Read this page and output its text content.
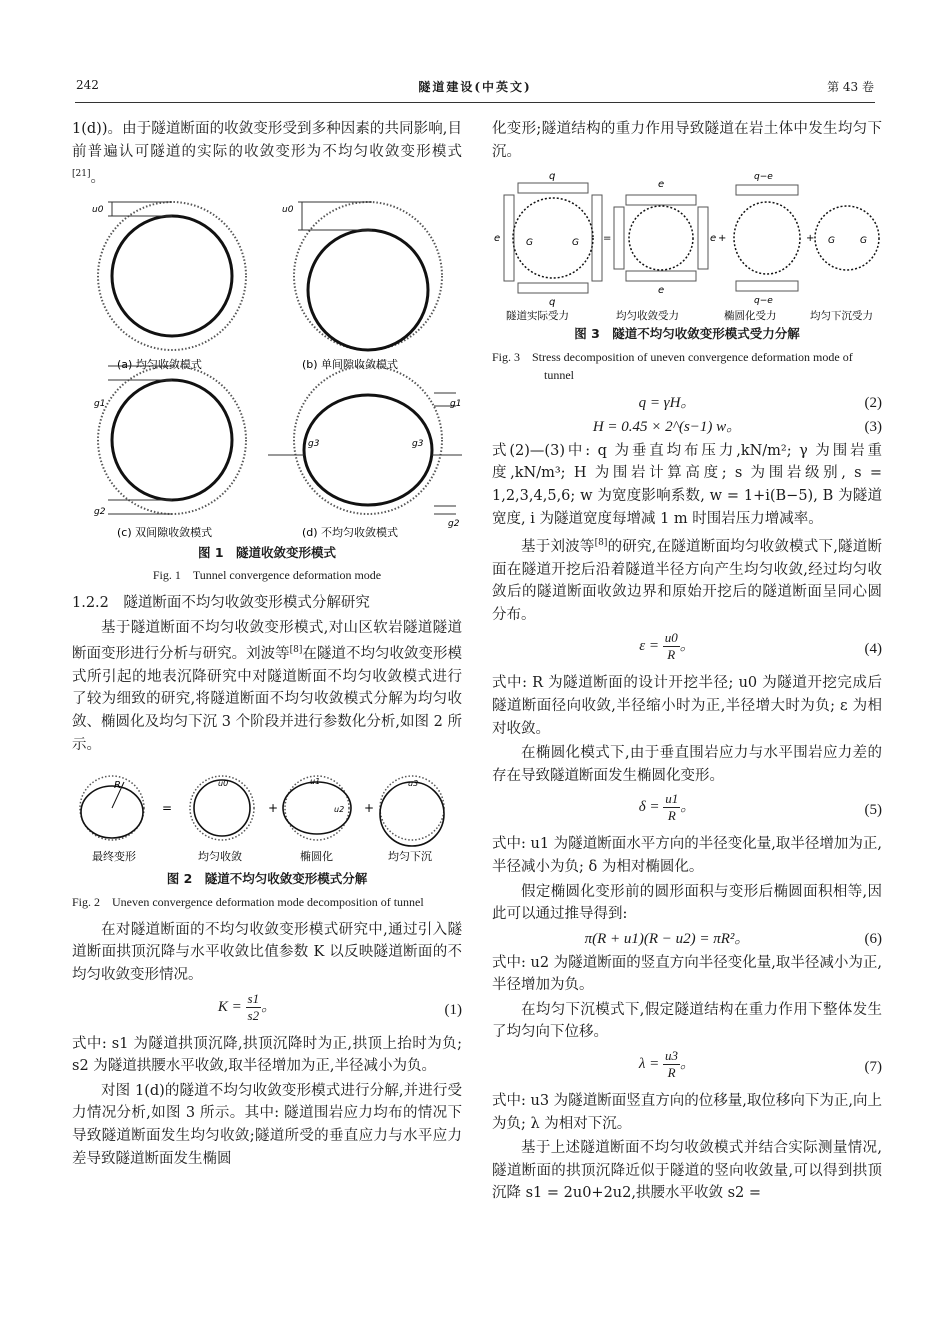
242	隧道建设(中英文)	第 43 卷

1(d))。由于隧道断面的收敛变形受到多种因素的共同影响,目前普遍认可隧道的实际的收敛变形为不均匀收敛变形模式[21]。

u0	u0
(a) 均匀收敛模式	(b) 单间隙收敛模式
g1
g2
g3	g3
g1
g2
(c) 双间隙收敛模式	(d) 不均匀收敛模式
图 1　隧道收敛变形模式
Fig. 1　Tunnel convergence deformation mode
1.2.2　隧道断面不均匀收敛变形模式分解研究

基于隧道断面不均匀收敛变形模式,对山区软岩隧道隧道断面变形进行分析与研究。刘波等[8]在隧道不均匀收敛变形模式所引起的地表沉降研究中对隧道断面不均匀收敛模式进行了较为细致的研究,将隧道断面不均匀收敛模式分解为均匀收敛、椭圆化及均匀下沉 3 个阶段并进行参数化分析,如图 2 所示。

R
=
u0
+
u1
u2 +
u3
最终变形	均匀收敛	椭圆化	均匀下沉
图 2　隧道不均匀收敛变形模式分解
Fig. 2　Uneven convergence deformation mode decomposition of tunnel

在对隧道断面的不均匀收敛变形模式研究中,通过引入隧道断面拱顶沉降与水平收敛比值参数 K 以反映隧道断面的不均匀收敛变形情况。

$K = \frac{s1}{s2}$ 。	(1)

式中: s1 为隧道拱顶沉降,拱顶沉降时为正,拱顶上抬时为负; s2 为隧道拱腰水平收敛,取半径增加为正,半径减小为负。

对图 1(d)的隧道不均匀收敛变形模式进行分解,并进行受力情况分析,如图 3 所示。其中: 隧道围岩应力均布的情况下导致隧道断面发生均匀收敛;隧道所受的垂直应力与水平应力差导致隧道断面发生椭圆

化变形;隧道结构的重力作用导致隧道在岩土体中发生均匀下沉。

q
q
e	G	G =
e
e
e +
q−e
q−e
+ G	G
隧道实际受力	均匀收敛受力	椭圆化受力	均匀下沉受力
图 3　隧道不均匀收敛变形模式受力分解
Fig. 3　Stress decomposition of uneven convergence deformation mode of tunnel
q = γH。	(2)
H = 0.45 × 2^(s−1) w。	(3)

式(2)—(3)中: q 为垂直均布压力,kN/m²; γ 为围岩重度,kN/m³; H 为围岩计算高度; s 为围岩级别, s = 1,2,3,4,5,6; w 为宽度影响系数, w = 1+i(B−5), B 为隧道宽度, i 为隧道宽度每增减 1 m 时围岩压力增减率。

基于刘波等[8]的研究,在隧道断面均匀收敛模式下,隧道断面在隧道开挖后沿着隧道半径方向产生均匀收敛,经过均匀收敛后的隧道断面收敛边界和原始开挖后的隧道断面呈同心圆分布。

$\varepsilon = \frac{u0}{R}$ 。	(4)

式中: R 为隧道断面的设计开挖半径; u0 为隧道开挖完成后隧道断面径向收敛,半径缩小时为正,半径增大时为负; ε 为相对收敛。

在椭圆化模式下,由于垂直围岩应力与水平围岩应力差的存在导致隧道断面发生椭圆化变形。

$\delta = \frac{u1}{R}$ 。	(5)

式中: u1 为隧道断面水平方向的半径变化量,取半径增加为正,半径减小为负; δ 为相对椭圆化。

假定椭圆化变形前的圆形面积与变形后椭圆面积相等,因此可以通过推导得到:

π(R + u1)(R − u2) = πR²。	(6)

式中: u2 为隧道断面的竖直方向半径变化量,取半径减小为正,半径增加为负。

在均匀下沉模式下,假定隧道结构在重力作用下整体发生了均匀向下位移。

$\lambda = \frac{u3}{R}$ 。	(7)

式中: u3 为隧道断面竖直方向的位移量,取位移向下为正,向上为负; λ 为相对下沉。

基于上述隧道断面不均匀收敛模式并结合实际测量情况,隧道断面的拱顶沉降近似于隧道的竖向收敛量,可以得到拱顶沉降 s1 = 2u0+2u2,拱腰水平收敛 s2 =
